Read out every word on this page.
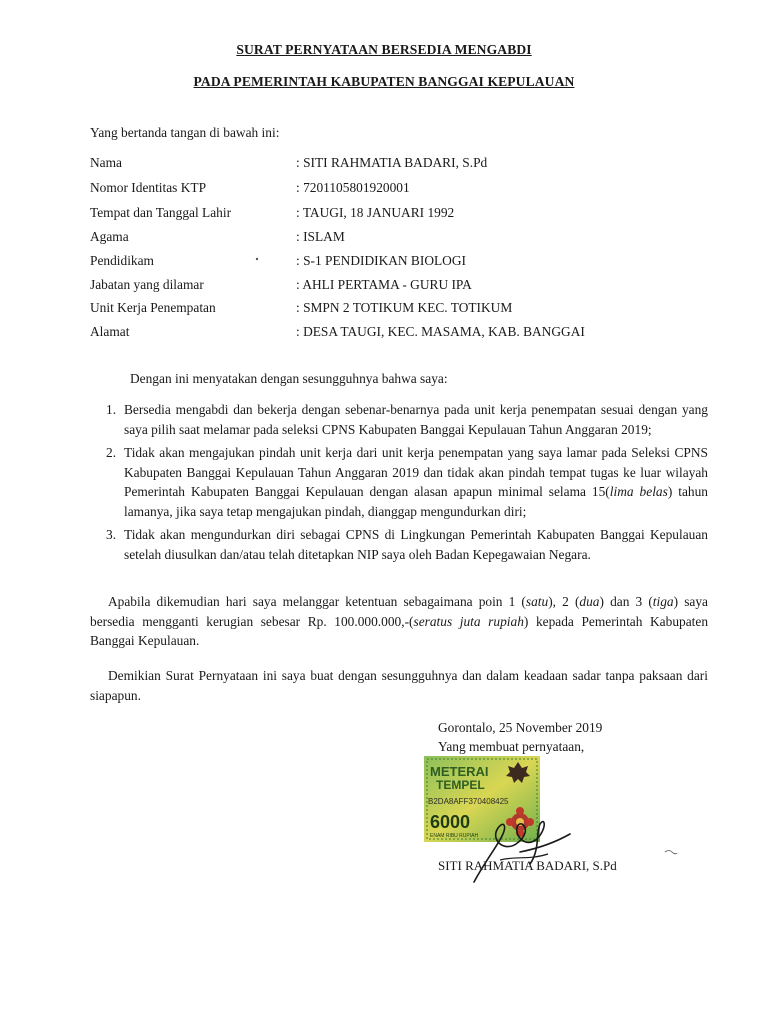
SURAT PERNYATAAN BERSEDIA MENGABDI
PADA PEMERINTAH KABUPATEN BANGGAI KEPULAUAN
Yang bertanda tangan di bawah ini:
Nama	: SITI RAHMATIA BADARI, S.Pd
Nomor Identitas KTP	: 7201105801920001
Tempat dan Tanggal Lahir	: TAUGI, 18 JANUARI 1992
Agama	: ISLAM
Pendidikam	: S-1 PENDIDIKAN BIOLOGI
Jabatan yang dilamar	: AHLI PERTAMA - GURU IPA
Unit Kerja Penempatan	: SMPN 2 TOTIKUM KEC. TOTIKUM
Alamat	: DESA TAUGI, KEC. MASAMA, KAB. BANGGAI
Dengan ini menyatakan dengan sesungguhnya bahwa saya:
1. Bersedia mengabdi dan bekerja dengan sebenar-benarnya pada unit kerja penempatan sesuai dengan yang saya pilih saat melamar pada seleksi CPNS Kabupaten Banggai Kepulauan Tahun Anggaran 2019;
2. Tidak akan mengajukan pindah unit kerja dari unit kerja penempatan yang saya lamar pada Seleksi CPNS Kabupaten Banggai Kepulauan Tahun Anggaran 2019 dan tidak akan pindah tempat tugas ke luar wilayah Pemerintah Kabupaten Banggai Kepulauan dengan alasan apapun minimal selama 15(lima belas) tahun lamanya, jika saya tetap mengajukan pindah, dianggap mengundurkan diri;
3. Tidak akan mengundurkan diri sebagai CPNS di Lingkungan Pemerintah Kabupaten Banggai Kepulauan setelah diusulkan dan/atau telah ditetapkan NIP saya oleh Badan Kepegawaian Negara.
Apabila dikemudian hari saya melanggar ketentuan sebagaimana poin 1 (satu), 2 (dua) dan 3 (tiga) saya bersedia mengganti kerugian sebesar Rp. 100.000.000,-(seratus juta rupiah) kepada Pemerintah Kabupaten Banggai Kepulauan.
Demikian Surat Pernyataan ini saya buat dengan sesungguhnya dan dalam keadaan sadar tanpa paksaan dari siapapun.
Gorontalo, 25 November 2019
Yang membuat pernyataan,
METERAI
TEMPEL
B2DA8AFF370408425
6000
ENAM RIBU RUPIAH
SITI RAHMATIA BADARI, S.Pd
